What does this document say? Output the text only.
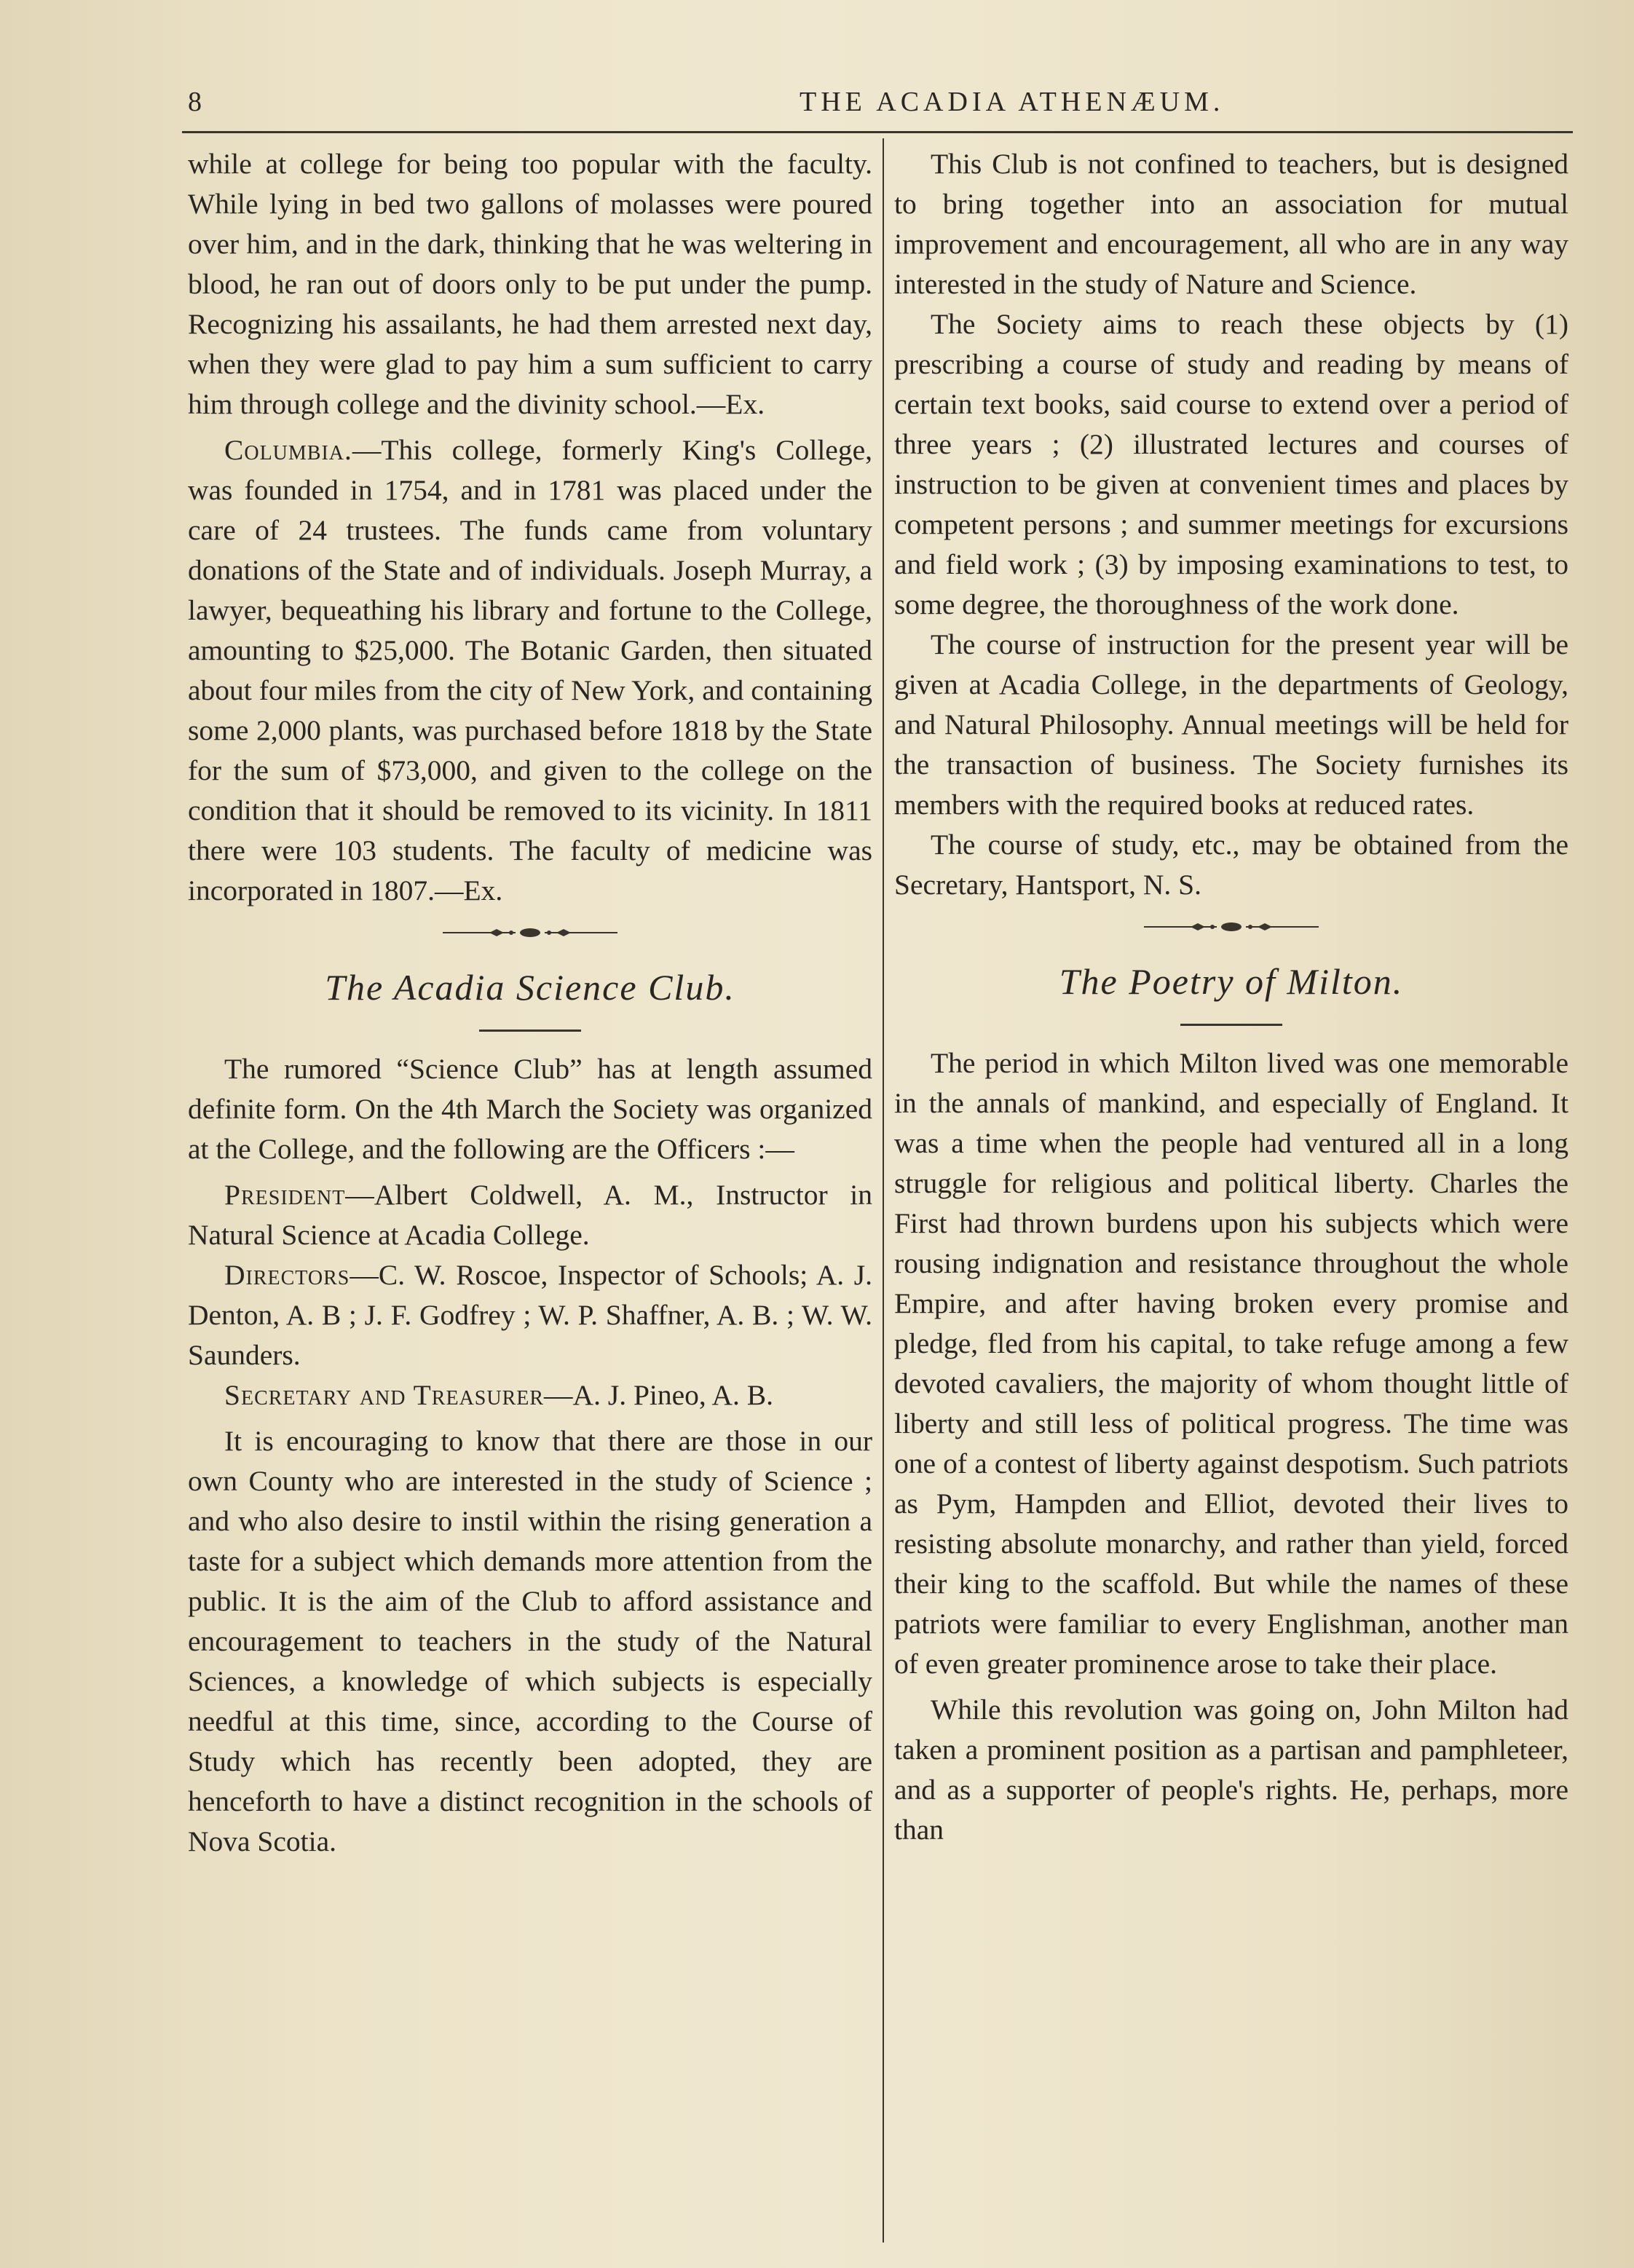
8	THE ACADIA ATHENÆUM.

while at college for being too popular with the faculty. While lying in bed two gallons of molasses were poured over him, and in the dark, thinking that he was weltering in blood, he ran out of doors only to be put under the pump. Recognizing his assailants, he had them arrested next day, when they were glad to pay him a sum sufficient to carry him through college and the divinity school.—Ex.

Columbia.—This college, formerly King's College, was founded in 1754, and in 1781 was placed under the care of 24 trustees. The funds came from voluntary donations of the State and of individuals. Joseph Murray, a lawyer, bequeathing his library and fortune to the College, amounting to $25,000. The Botanic Garden, then situated about four miles from the city of New York, and containing some 2,000 plants, was purchased before 1818 by the State for the sum of $73,000, and given to the college on the condition that it should be removed to its vicinity. In 1811 there were 103 students. The faculty of medicine was incorporated in 1807.—Ex.

The Acadia Science Club.

The rumored “Science Club” has at length assumed definite form. On the 4th March the Society was organized at the College, and the following are the Officers :—

President—Albert Coldwell, A. M., Instructor in Natural Science at Acadia College.

Directors—C. W. Roscoe, Inspector of Schools; A. J. Denton, A. B ; J. F. Godfrey ; W. P. Shaffner, A. B. ; W. W. Saunders.

Secretary and Treasurer—A. J. Pineo, A. B.

It is encouraging to know that there are those in our own County who are interested in the study of Science ; and who also desire to instil within the rising generation a taste for a subject which demands more attention from the public. It is the aim of the Club to afford assistance and encouragement to teachers in the study of the Natural Sciences, a knowledge of which subjects is especially needful at this time, since, according to the Course of Study which has recently been adopted, they are henceforth to have a distinct recognition in the schools of Nova Scotia.

This Club is not confined to teachers, but is designed to bring together into an association for mutual improvement and encouragement, all who are in any way interested in the study of Nature and Science.

The Society aims to reach these objects by (1) prescribing a course of study and reading by means of certain text books, said course to extend over a period of three years ; (2) illustrated lectures and courses of instruction to be given at convenient times and places by competent persons ; and summer meetings for excursions and field work ; (3) by imposing examinations to test, to some degree, the thoroughness of the work done.

The course of instruction for the present year will be given at Acadia College, in the departments of Geology, and Natural Philosophy. Annual meetings will be held for the transaction of business. The Society furnishes its members with the required books at reduced rates.

The course of study, etc., may be obtained from the Secretary, Hantsport, N. S.

The Poetry of Milton.

The period in which Milton lived was one memorable in the annals of mankind, and especially of England. It was a time when the people had ventured all in a long struggle for religious and political liberty. Charles the First had thrown burdens upon his subjects which were rousing indignation and resistance throughout the whole Empire, and after having broken every promise and pledge, fled from his capital, to take refuge among a few devoted cavaliers, the majority of whom thought little of liberty and still less of political progress. The time was one of a contest of liberty against despotism. Such patriots as Pym, Hampden and Elliot, devoted their lives to resisting absolute monarchy, and rather than yield, forced their king to the scaffold. But while the names of these patriots were familiar to every Englishman, another man of even greater prominence arose to take their place.

While this revolution was going on, John Milton had taken a prominent position as a partisan and pamphleteer, and as a supporter of people's rights. He, perhaps, more than
